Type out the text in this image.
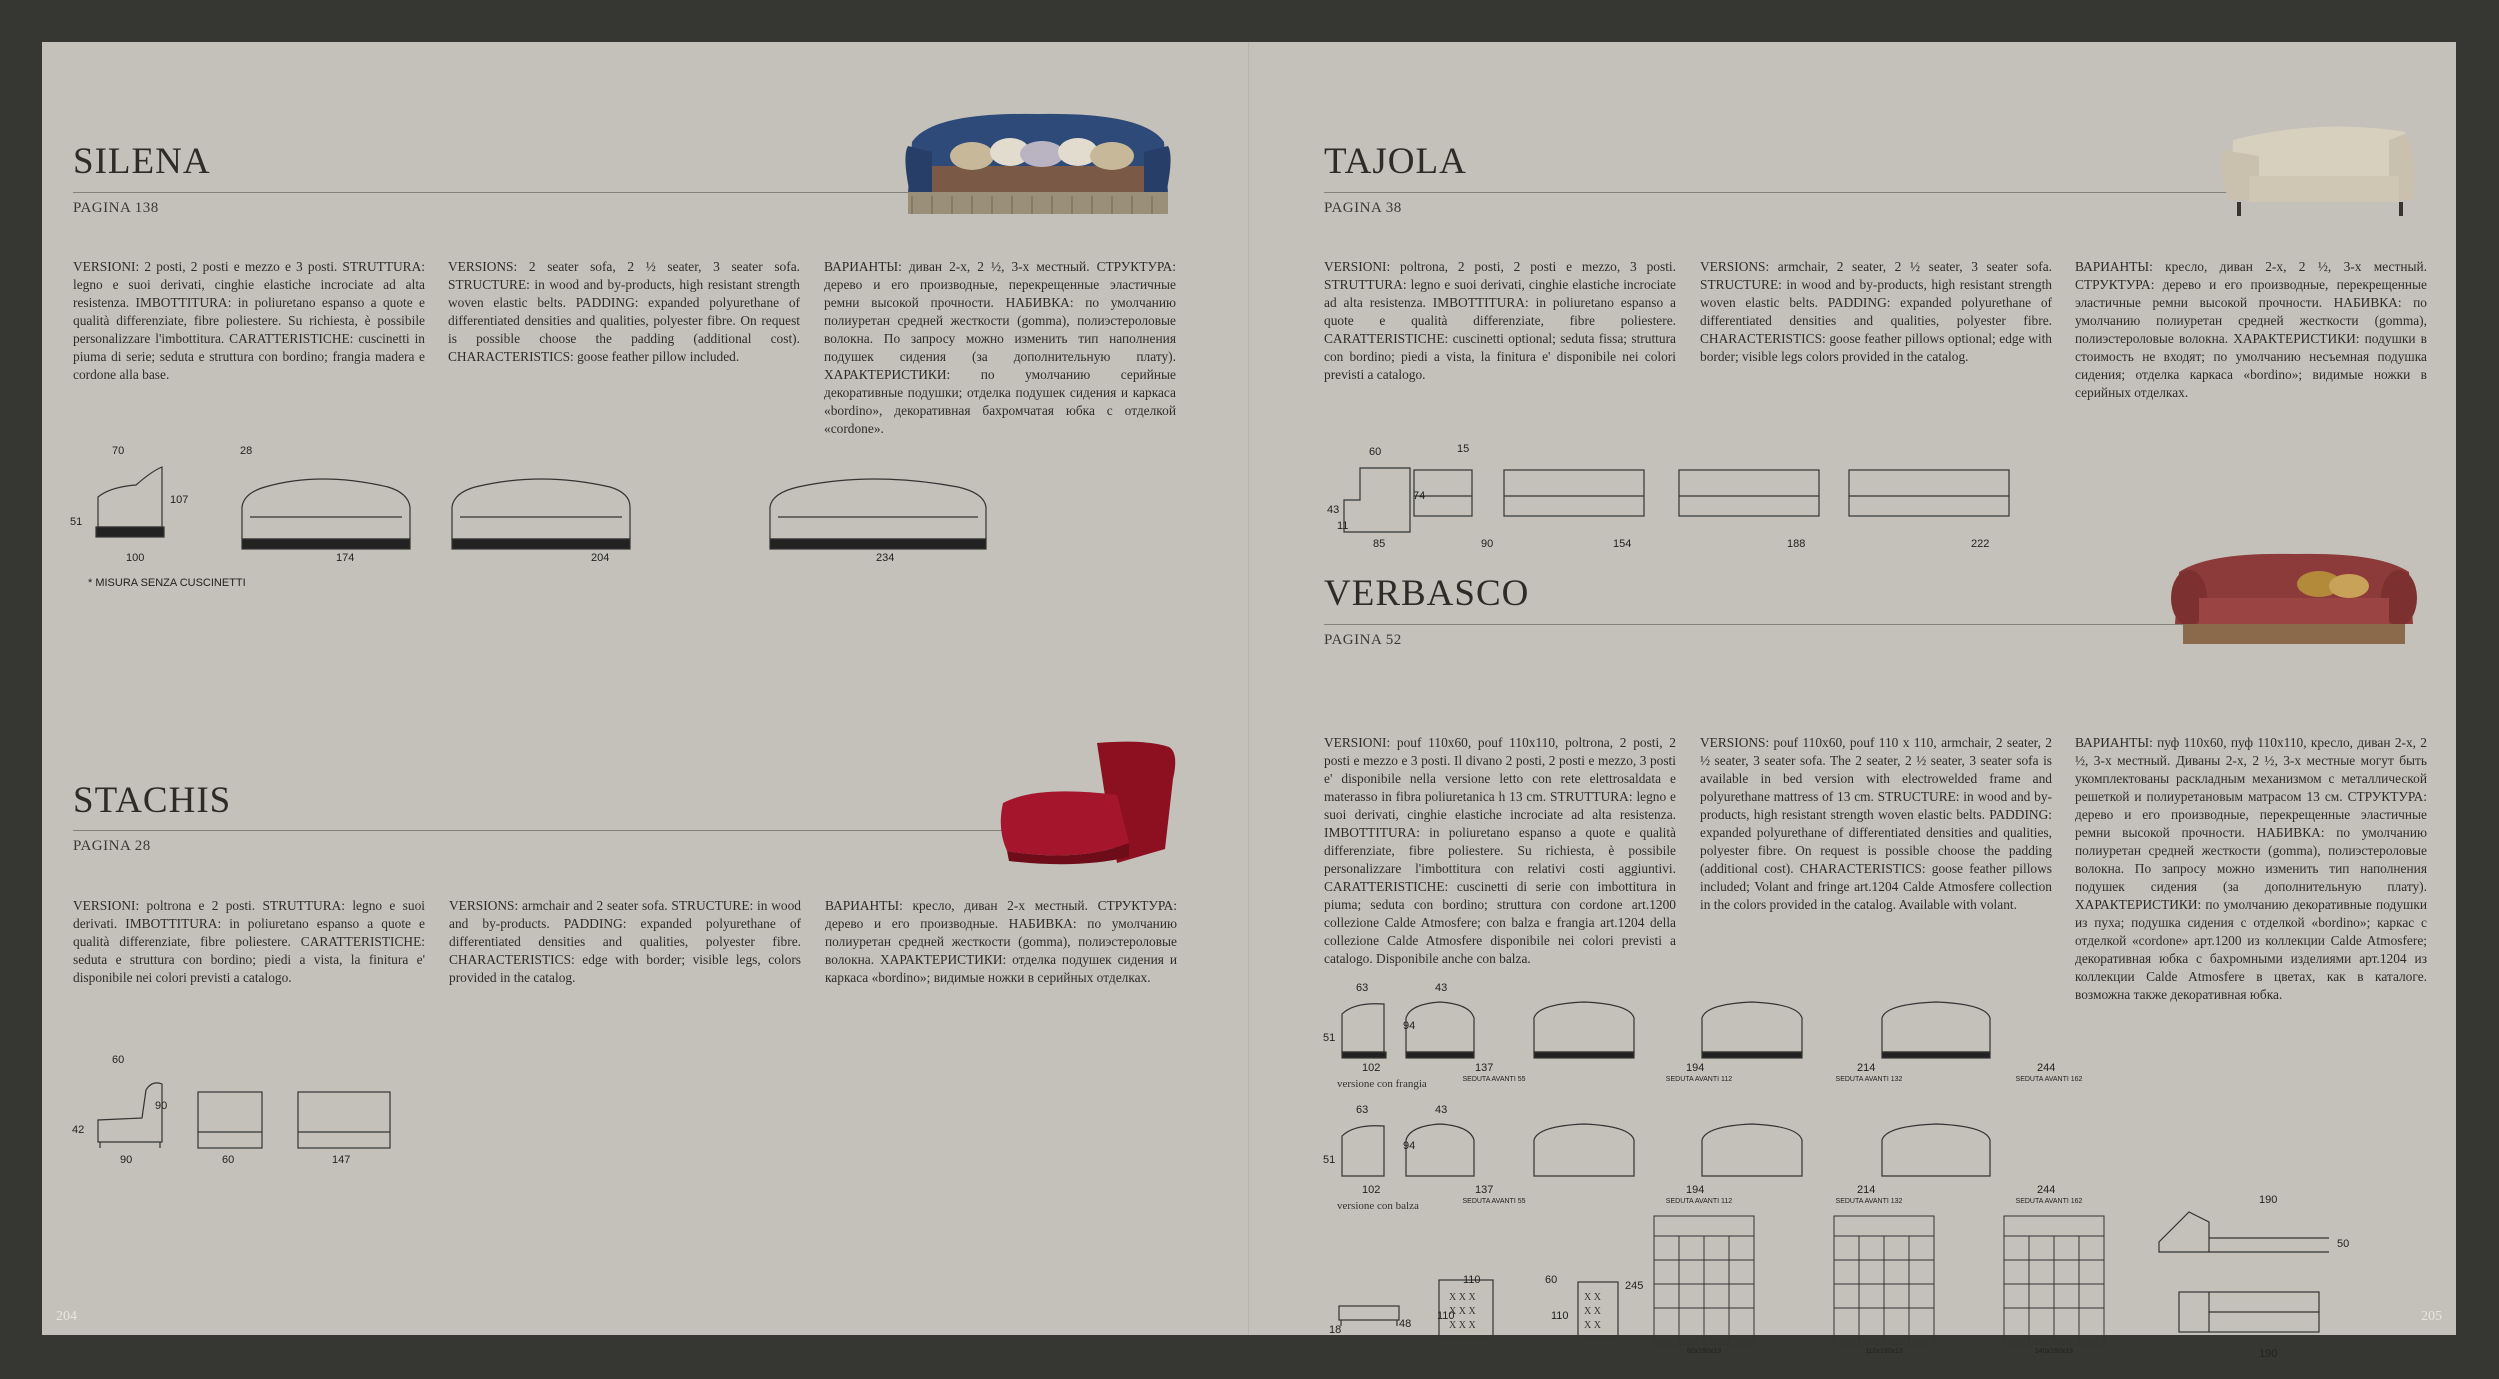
SILENA
PAGINA 138
VERSIONI: 2 posti, 2 posti e mezzo e 3 posti. STRUTTURA: legno e suoi derivati, cinghie elastiche incrociate ad alta resistenza. IMBOTTITURA: in poliuretano espanso a quote e qualità differenziate, fibre poliestere. Su richiesta, è possibile personalizzare l'imbottitura. CARATTERISTICHE: cuscinetti in piuma di serie; seduta e struttura con bordino; frangia madera e cordone alla base.
VERSIONS: 2 seater sofa, 2 ½ seater, 3 seater sofa. STRUCTURE: in wood and by-products, high resistant strength woven elastic belts. PADDING: expanded polyurethane of differentiated densities and qualities, polyester fibre. On request is possible choose the padding (additional cost). CHARACTERISTICS: goose feather pillow included.
ВАРИАНТЫ: диван 2-х, 2 ½, 3-х местный. СТРУКТУРА: дерево и его производные, перекрещенные эластичные ремни высокой прочности. НАБИВКА: по умолчанию полиуретан средней жесткости (gomma), полиэстероловые волокна. По запросу можно изменить тип наполнения подушек сидения (за дополнительную плату). ХАРАКТЕРИСТИКИ: по умолчанию серийные декоративные подушки; отделка подушек сидения и каркаса «bordino», декоративная бахромчатая юбка с отделкой «cordone».
70	28
107
51
100	174	204	234
* MISURA SENZA CUSCINETTI
STACHIS
PAGINA 28
VERSIONI: poltrona e 2 posti. STRUTTURA: legno e suoi derivati. IMBOTTITURA: in poliuretano espanso a quote e qualità differenziate, fibre poliestere. CARATTERISTICHE: seduta e struttura con bordino; piedi a vista, la finitura e' disponibile nei colori previsti a catalogo.
VERSIONS: armchair and 2 seater sofa. STRUCTURE: in wood and by-products. PADDING: expanded polyurethane of differentiated densities and qualities, polyester fibre. CHARACTERISTICS: edge with border; visible legs, colors provided in the catalog.
ВАРИАНТЫ: кресло, диван 2-х местный. СТРУКТУРА: дерево и его производные. НАБИВКА: по умолчанию полиуретан средней жесткости (gomma), полиэстероловые волокна. ХАРАКТЕРИСТИКИ: отделка подушек сидения и каркаса «bordino»; видимые ножки в серийных отделках.
60
90
42
90	60	147
204
TAJOLA
PAGINA 38
VERSIONI: poltrona, 2 posti, 2 posti e mezzo, 3 posti. STRUTTURA: legno e suoi derivati, cinghie elastiche incrociate ad alta resistenza. IMBOTTITURA: in poliuretano espanso a quote e qualità differenziate, fibre poliestere. CARATTERISTICHE: cuscinetti optional; seduta fissa; struttura con bordino; piedi a vista, la finitura e' disponibile nei colori previsti a catalogo.
VERSIONS: armchair, 2 seater, 2 ½ seater, 3 seater sofa. STRUCTURE: in wood and by-products, high resistant strength woven elastic belts. PADDING: expanded polyurethane of differentiated densities and qualities, polyester fibre. CHARACTERISTICS: goose feather pillows optional; edge with border; visible legs colors provided in the catalog.
ВАРИАНТЫ: кресло, диван 2-х, 2 ½, 3-х местный. СТРУКТУРА: дерево и его производные, перекрещенные эластичные ремни высокой прочности. НАБИВКА: по умолчанию полиуретан средней жесткости (gomma), полиэстероловые волокна. ХАРАКТЕРИСТИКИ: подушки в стоимость не входят; по умолчанию несъемная подушка сидения; отделка каркаса «bordino»; видимые ножки в серийных отделках.
60	15
74
43
11
85	90	154	188	222
VERBASCO
PAGINA 52
VERSIONI: pouf 110x60, pouf 110x110, poltrona, 2 posti, 2 posti e mezzo e 3 posti. Il divano 2 posti, 2 posti e mezzo, 3 posti e' disponibile nella versione letto con rete elettrosaldata e materasso in fibra poliuretanica h 13 cm. STRUTTURA: legno e suoi derivati, cinghie elastiche incrociate ad alta resistenza. IMBOTTITURA: in poliuretano espanso a quote e qualità differenziate, fibre poliestere. Su richiesta, è possibile personalizzare l'imbottitura con relativi costi aggiuntivi. CARATTERISTICHE: cuscinetti di serie con imbottitura in piuma; seduta con bordino; struttura con cordone art.1200 collezione Calde Atmosfere; con balza e frangia art.1204 della collezione Calde Atmosfere disponibile nei colori previsti a catalogo. Disponibile anche con balza.
VERSIONS: pouf 110x60, pouf 110 x 110, armchair, 2 seater, 2 ½ seater, 3 seater sofa. The 2 seater, 2 ½ seater, 3 seater sofa is available in bed version with electrowelded frame and polyurethane mattress of 13 cm. STRUCTURE: in wood and by-products, high resistant strength woven elastic belts. PADDING: expanded polyurethane of differentiated densities and qualities, polyester fibre. On request is possible choose the padding (additional cost). CHARACTERISTICS: goose feather pillows included; Volant and fringe art.1204 Calde Atmosfere collection in the colors provided in the catalog. Available with volant.
ВАРИАНТЫ: пуф 110x60, пуф 110x110, кресло, диван 2-х, 2 ½, 3-х местный. Диваны 2-х, 2 ½, 3-х местные могут быть укомплектованы раскладным механизмом с металлической решеткой и полиуретановым матрасом 13 см. СТРУКТУРА: дерево и его производные, перекрещенные эластичные ремни высокой прочности. НАБИВКА: по умолчанию полиуретан средней жесткости (gomma), полиэстероловые волокна. По запросу можно изменить тип наполнения подушек сидения (за дополнительную плату). ХАРАКТЕРИСТИКИ: по умолчанию декоративные подушки из пуха; подушка сидения с отделкой «bordino»; каркас с отделкой «cordone» арт.1200 из коллекции Calde Atmosfere; декоративная юбка с бахромными изделиями арт.1204 из коллекции Calde Atmosfere в цветах, как в каталоге. возможна также декоративная юбка.
63	43
51
94
102	137	194	214	244
SEDUTA AVANTI 55	SEDUTA AVANTI 112	SEDUTA AVANTI 132	SEDUTA AVANTI 162
versione con frangia
63	43
51
94
102	137	194	214	244
SEDUTA AVANTI 55	SEDUTA AVANTI 112	SEDUTA AVANTI 132	SEDUTA AVANTI 162
versione con balza
X X X
X X X
X X X
X X
X X
X X
110	60
110	110
18	48
245
80x190x13	110x190x13	140x190x13
190
50
190
205
